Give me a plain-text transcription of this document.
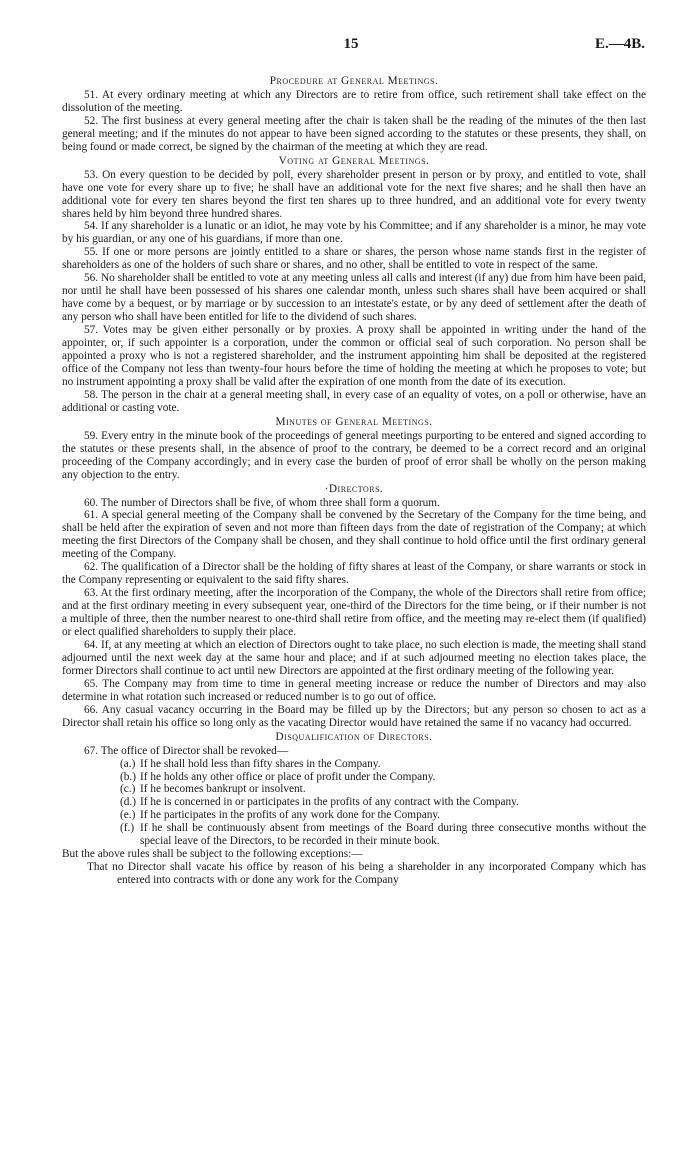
15	E.—4B.
Procedure at General Meetings.

51. At every ordinary meeting at which any Directors are to retire from office, such retirement shall take effect on the dissolution of the meeting.

52. The first business at every general meeting after the chair is taken shall be the reading of the minutes of the then last general meeting; and if the minutes do not appear to have been signed according to the statutes or these presents, they shall, on being found or made correct, be signed by the chairman of the meeting at which they are read.

Voting at General Meetings.

53. On every question to be decided by poll, every shareholder present in person or by proxy, and entitled to vote, shall have one vote for every share up to five; he shall have an additional vote for the next five shares; and he shall then have an additional vote for every ten shares beyond the first ten shares up to three hundred, and an additional vote for every twenty shares held by him beyond three hundred shares.

54. If any shareholder is a lunatic or an idiot, he may vote by his Committee; and if any shareholder is a minor, he may vote by his guardian, or any one of his guardians, if more than one.

55. If one or more persons are jointly entitled to a share or shares, the person whose name stands first in the register of shareholders as one of the holders of such share or shares, and no other, shall be entitled to vote in respect of the same.

56. No shareholder shall be entitled to vote at any meeting unless all calls and interest (if any) due from him have been paid, nor until he shall have been possessed of his shares one calendar month, unless such shares shall have been acquired or shall have come by a bequest, or by marriage or by succession to an intestate's estate, or by any deed of settlement after the death of any person who shall have been entitled for life to the dividend of such shares.

57. Votes may be given either personally or by proxies. A proxy shall be appointed in writing under the hand of the appointer, or, if such appointer is a corporation, under the common or official seal of such corporation. No person shall be appointed a proxy who is not a registered shareholder, and the instrument appointing him shall be deposited at the registered office of the Company not less than twenty-four hours before the time of holding the meeting at which he proposes to vote; but no instrument appointing a proxy shall be valid after the expiration of one month from the date of its execution.

58. The person in the chair at a general meeting shall, in every case of an equality of votes, on a poll or otherwise, have an additional or casting vote.

Minutes of General Meetings.

59. Every entry in the minute book of the proceedings of general meetings purporting to be entered and signed according to the statutes or these presents shall, in the absence of proof to the contrary, be deemed to be a correct record and an original proceeding of the Company accordingly; and in every case the burden of proof of error shall be wholly on the person making any objection to the entry.

·Directors.

60. The number of Directors shall be five, of whom three shall form a quorum.

61. A special general meeting of the Company shall be convened by the Secretary of the Company for the time being, and shall be held after the expiration of seven and not more than fifteen days from the date of registration of the Company; at which meeting the first Directors of the Company shall be chosen, and they shall continue to hold office until the first ordinary general meeting of the Company.

62. The qualification of a Director shall be the holding of fifty shares at least of the Company, or share warrants or stock in the Company representing or equivalent to the said fifty shares.

63. At the first ordinary meeting, after the incorporation of the Company, the whole of the Directors shall retire from office; and at the first ordinary meeting in every subsequent year, one-third of the Directors for the time being, or if their number is not a multiple of three, then the number nearest to one-third shall retire from office, and the meeting may re-elect them (if qualified) or elect qualified shareholders to supply their place.

64. If, at any meeting at which an election of Directors ought to take place, no such election is made, the meeting shall stand adjourned until the next week day at the same hour and place; and if at such adjourned meeting no election takes place, the former Directors shall continue to act until new Directors are appointed at the first ordinary meeting of the following year.

65. The Company may from time to time in general meeting increase or reduce the number of Directors and may also determine in what rotation such increased or reduced number is to go out of office.

66. Any casual vacancy occurring in the Board may be filled up by the Directors; but any person so chosen to act as a Director shall retain his office so long only as the vacating Director would have retained the same if no vacancy had occurred.

Disqualification of Directors.

67. The office of Director shall be revoked—

(a.) If he shall hold less than fifty shares in the Company.
(b.) If he holds any other office or place of profit under the Company.
(c.) If he becomes bankrupt or insolvent.
(d.) If he is concerned in or participates in the profits of any contract with the Company.
(e.) If he participates in the profits of any work done for the Company.
(f.) If he shall be continuously absent from meetings of the Board during three consecutive months without the special leave of the Directors, to be recorded in their minute book.

But the above rules shall be subject to the following exceptions:—

That no Director shall vacate his office by reason of his being a shareholder in any incorporated Company which has entered into contracts with or done any work for the Company
